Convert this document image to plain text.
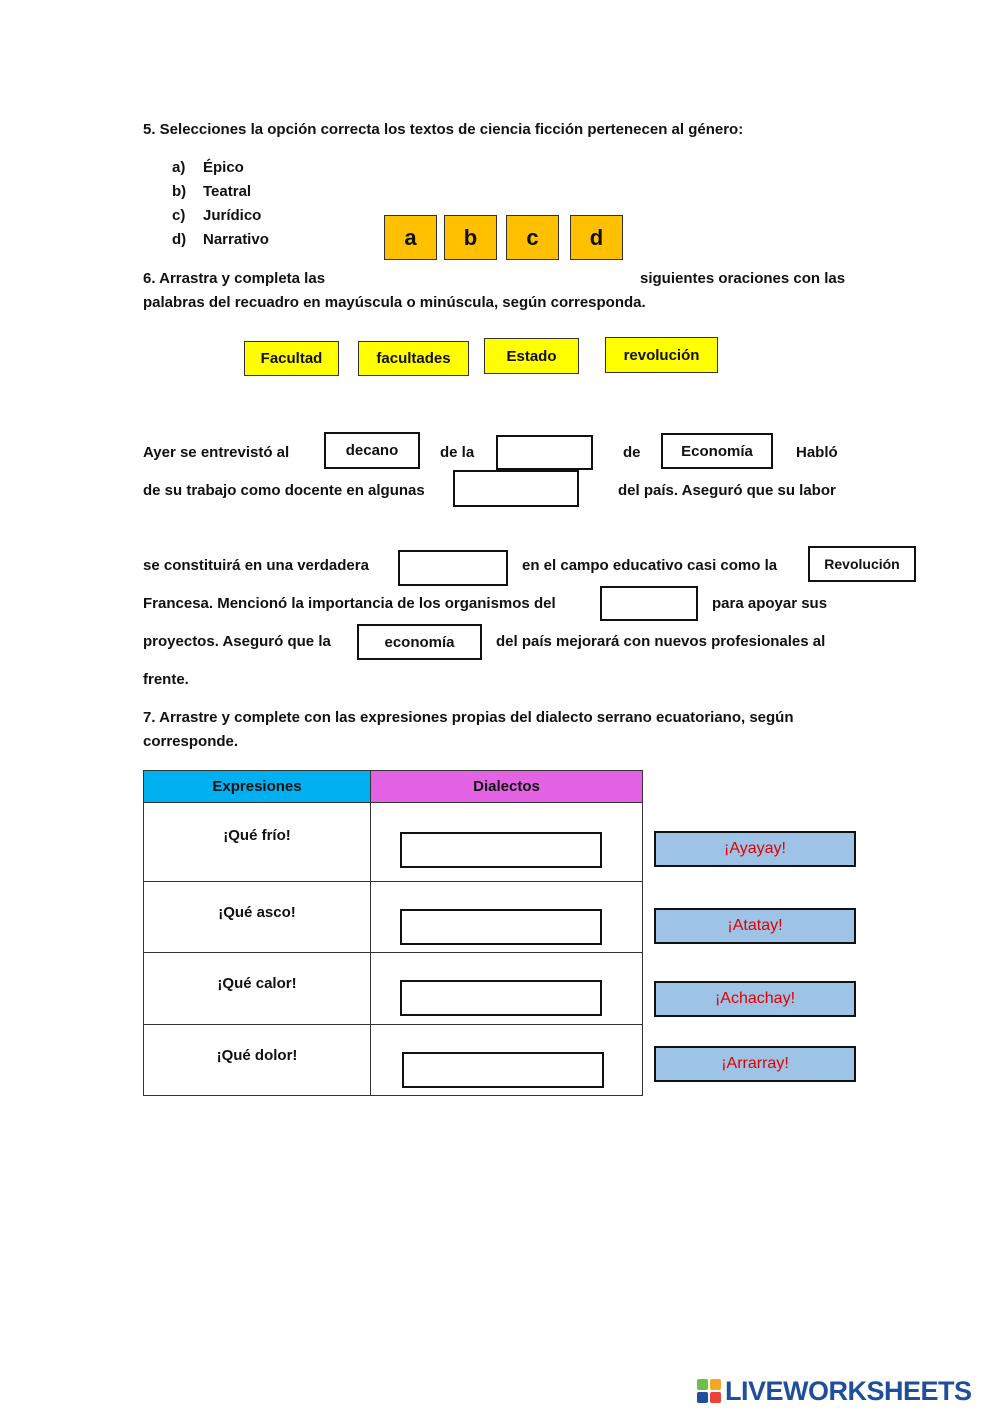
5. Selecciones la opción correcta los textos de ciencia ficción pertenecen al género:
a)	Épico
b)	Teatral
c)	Jurídico
d)	Narrativo	a	b	c	d
6. Arrastra y completa las	siguientes oraciones con las
palabras del recuadro en mayúscula o minúscula, según corresponda.
Facultad	facultades	Estado	revolución
Ayer se entrevistó al	decano	de la	de	Economía	Habló
de su trabajo como docente en algunas	del país. Aseguró que su labor
se constituirá en una verdadera	en el campo educativo casi como la	Revolución
Francesa. Mencionó la importancia de los organismos del	para apoyar sus
proyectos. Aseguró que la	economía	del país mejorará con nuevos profesionales al
frente.
7. Arrastre y complete con las expresiones propias del dialecto serrano ecuatoriano, según
corresponde.
Expresiones	Dialectos

¡Qué frío!	

¡Qué asco!	

¡Qué calor!	

¡Qué dolor!	

¡Ayayay!
¡Atatay!
¡Achachay!
¡Arrarray!
LIVEWORKSHEETS
